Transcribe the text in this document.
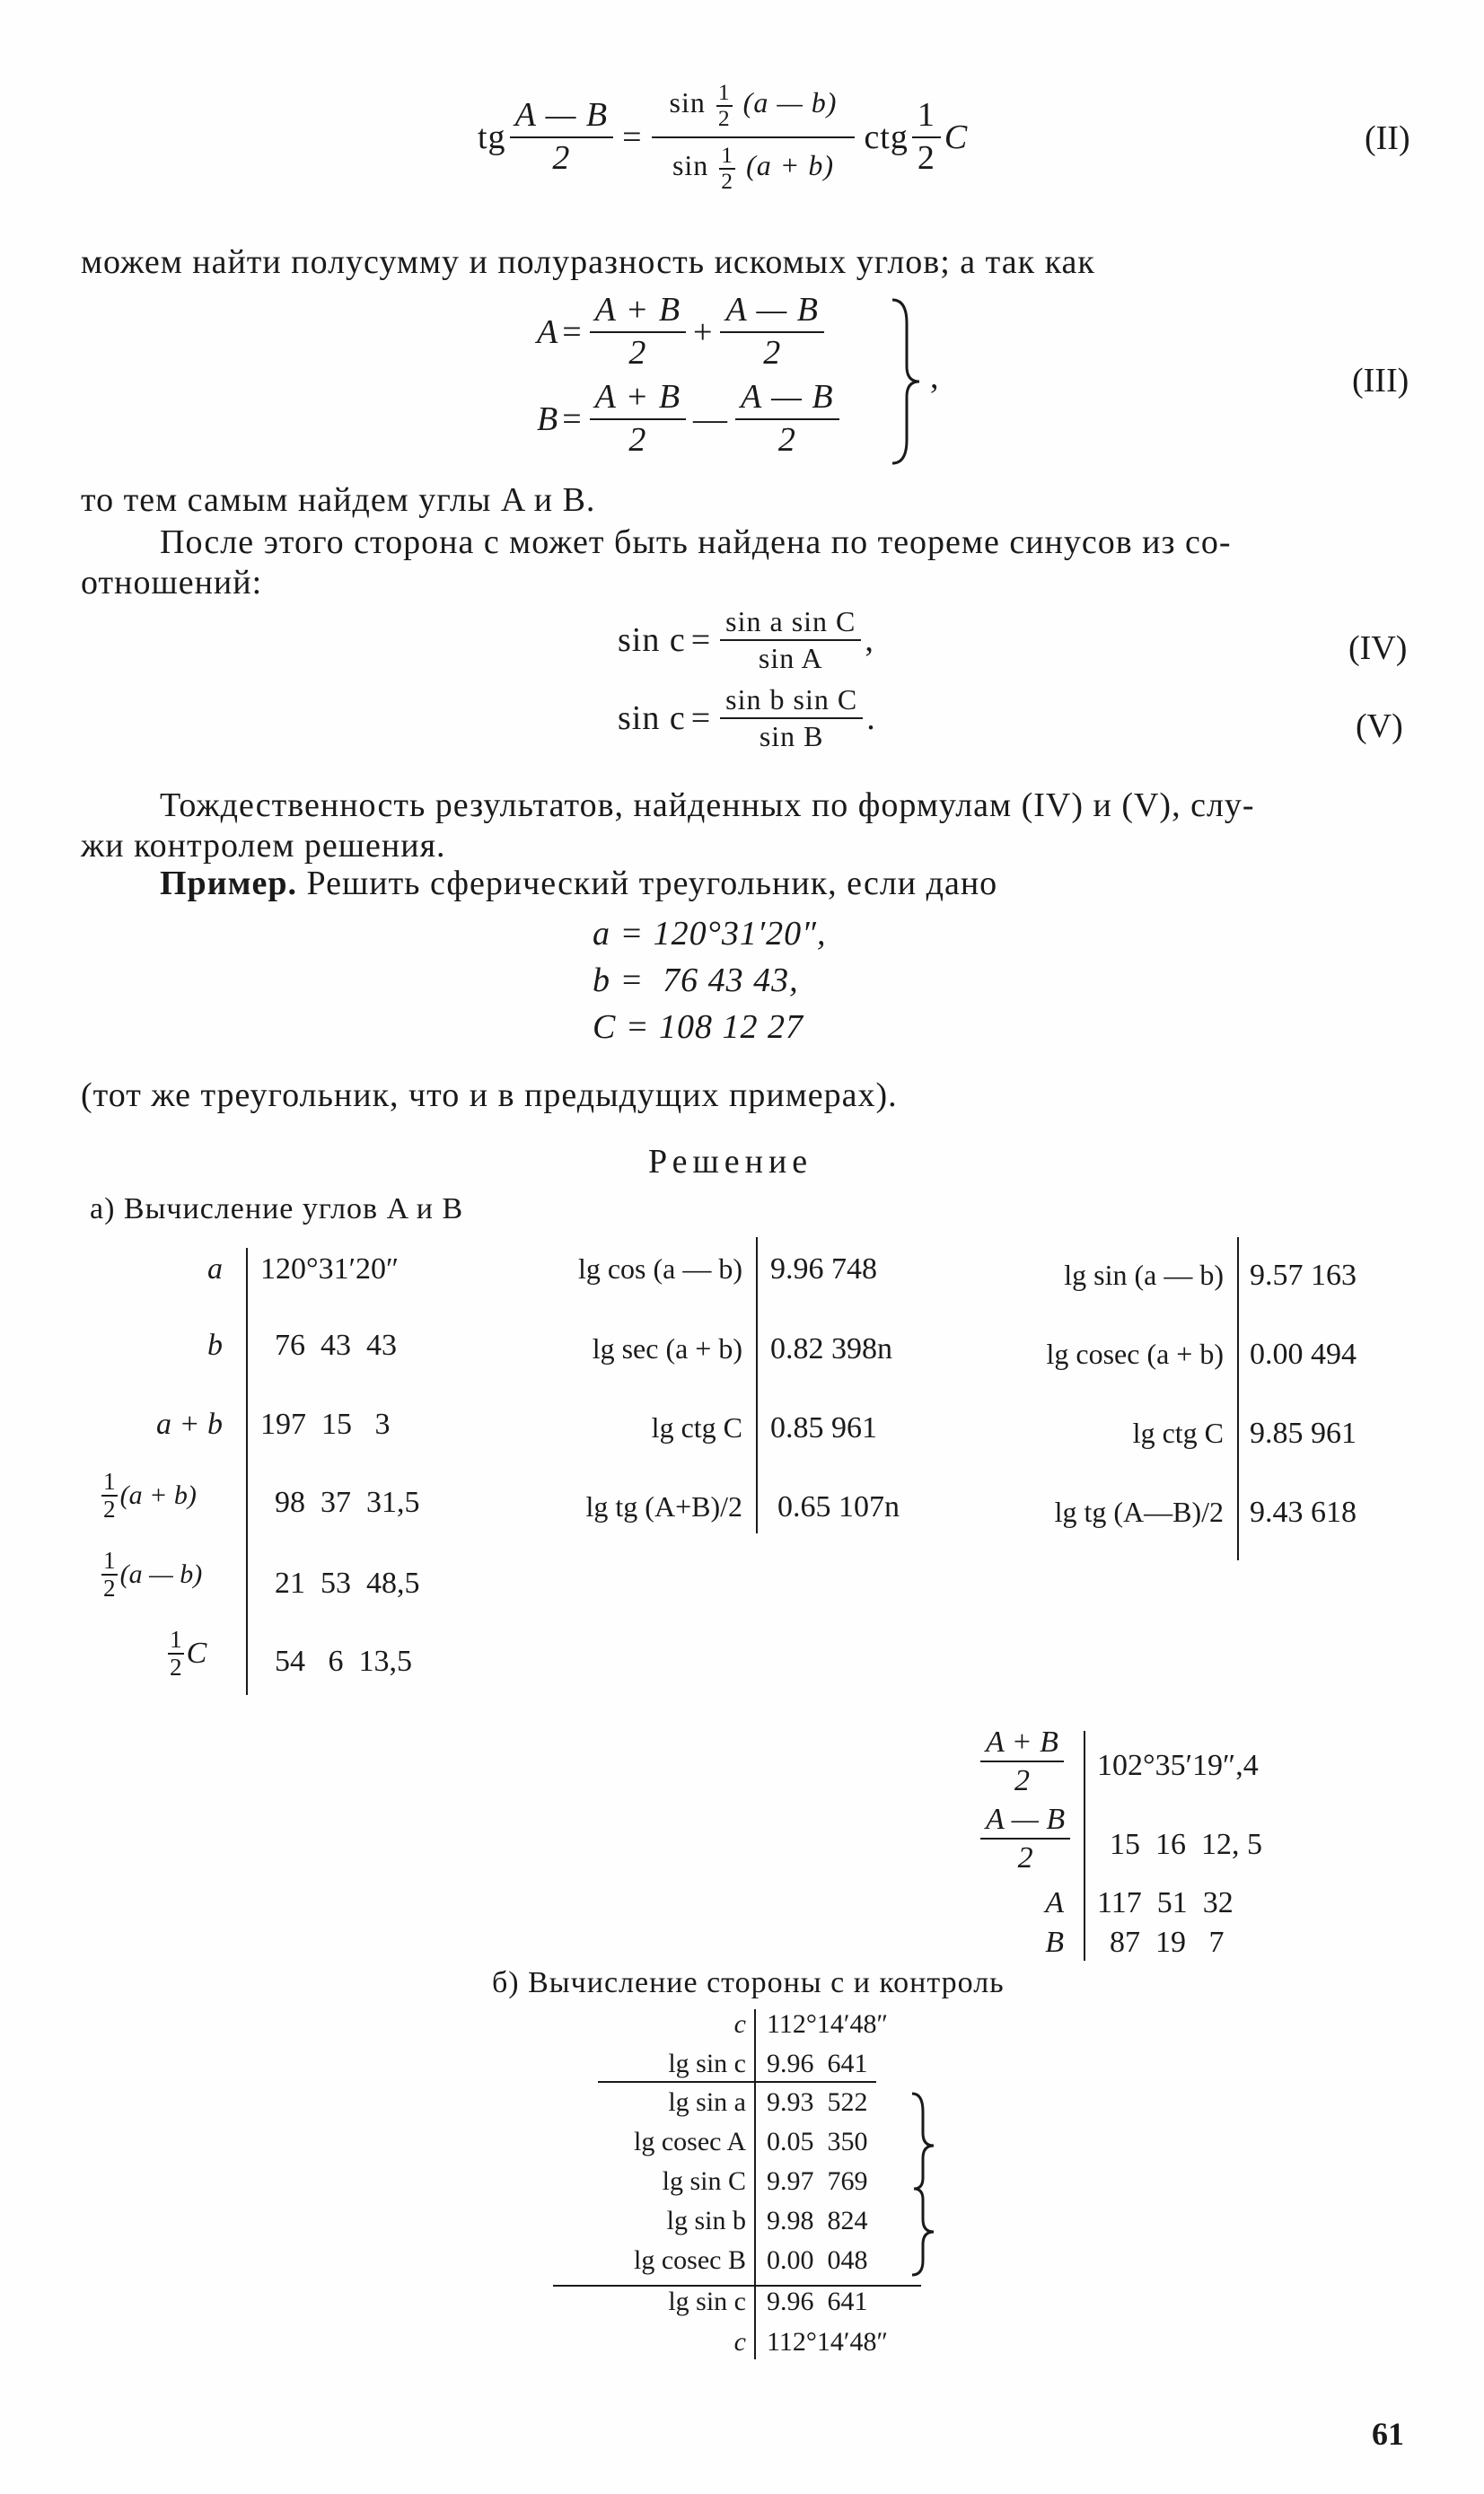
tg $\frac{A — B}{2} = \frac{\sin \frac{1}{2} (a — b)}{\sin \frac{1}{2} (a + b)}$ ctg $\frac{1}{2}$ C	(II)
можем найти полусумму и полуразность искомых углов; а так как
$A = \frac{A + B}{2} + \frac{A — B}{2}$
$B = \frac{A + B}{2}$ — $\frac{A — B}{2}$
,	(III)
то тем самым найдем углы A и B.
После этого сторона c может быть найдена по теореме синусов из со-
отношений:
$\sin c = \frac{\text{sin a sin C}}{\text{sin A}}$ ,	(IV)
$\sin c = \frac{\text{sin b sin C}}{\text{sin B}}$ .	(V)
Тождественность результатов, найденных по формулам (IV) и (V), слу-
жи контролем решения.
Пример. Решить сферический треугольник, если дано
a = 120°31′20″,
b =  76 43 43,
C = 108 12 27
(тот же треугольник, что и в предыдущих примерах).
Решение
а) Вычисление углов A и B
a 120°31′20″
b 76  43  43
a + b 197  15   3
$\frac{1}{2} (a + b)$	98  37  31,5
$\frac{1}{2} (a$ — b) 21  53  48,5
$\frac{1}{2}$ C 54   6  13,5
lg cos (a — b) 9.96 748
lg sec (a + b) 0.82 398n
lg ctg C 0.85 961
lg tg (A+B)/2 0.65 107n
lg sin (a — b) 9.57 163
lg cosec (a + b) 0.00 494
lg ctg C 9.85 961
lg tg (A—B)/2 9.43 618
$\frac{A + B}{2} 102^\circ 35'19'',4$
$\frac{A — B}{2} 15$  16  12, 5
A 117  51  32
B 87  19   7
б) Вычисление стороны c и контроль
c 112°14′48″
lg sin c 9.96  641
lg sin a 9.93  522
lg cosec A 0.05  350
lg sin C 9.97  769
lg sin b 9.98  824
lg cosec B 0.00  048
lg sin c 9.96  641
c 112°14′48″
61
